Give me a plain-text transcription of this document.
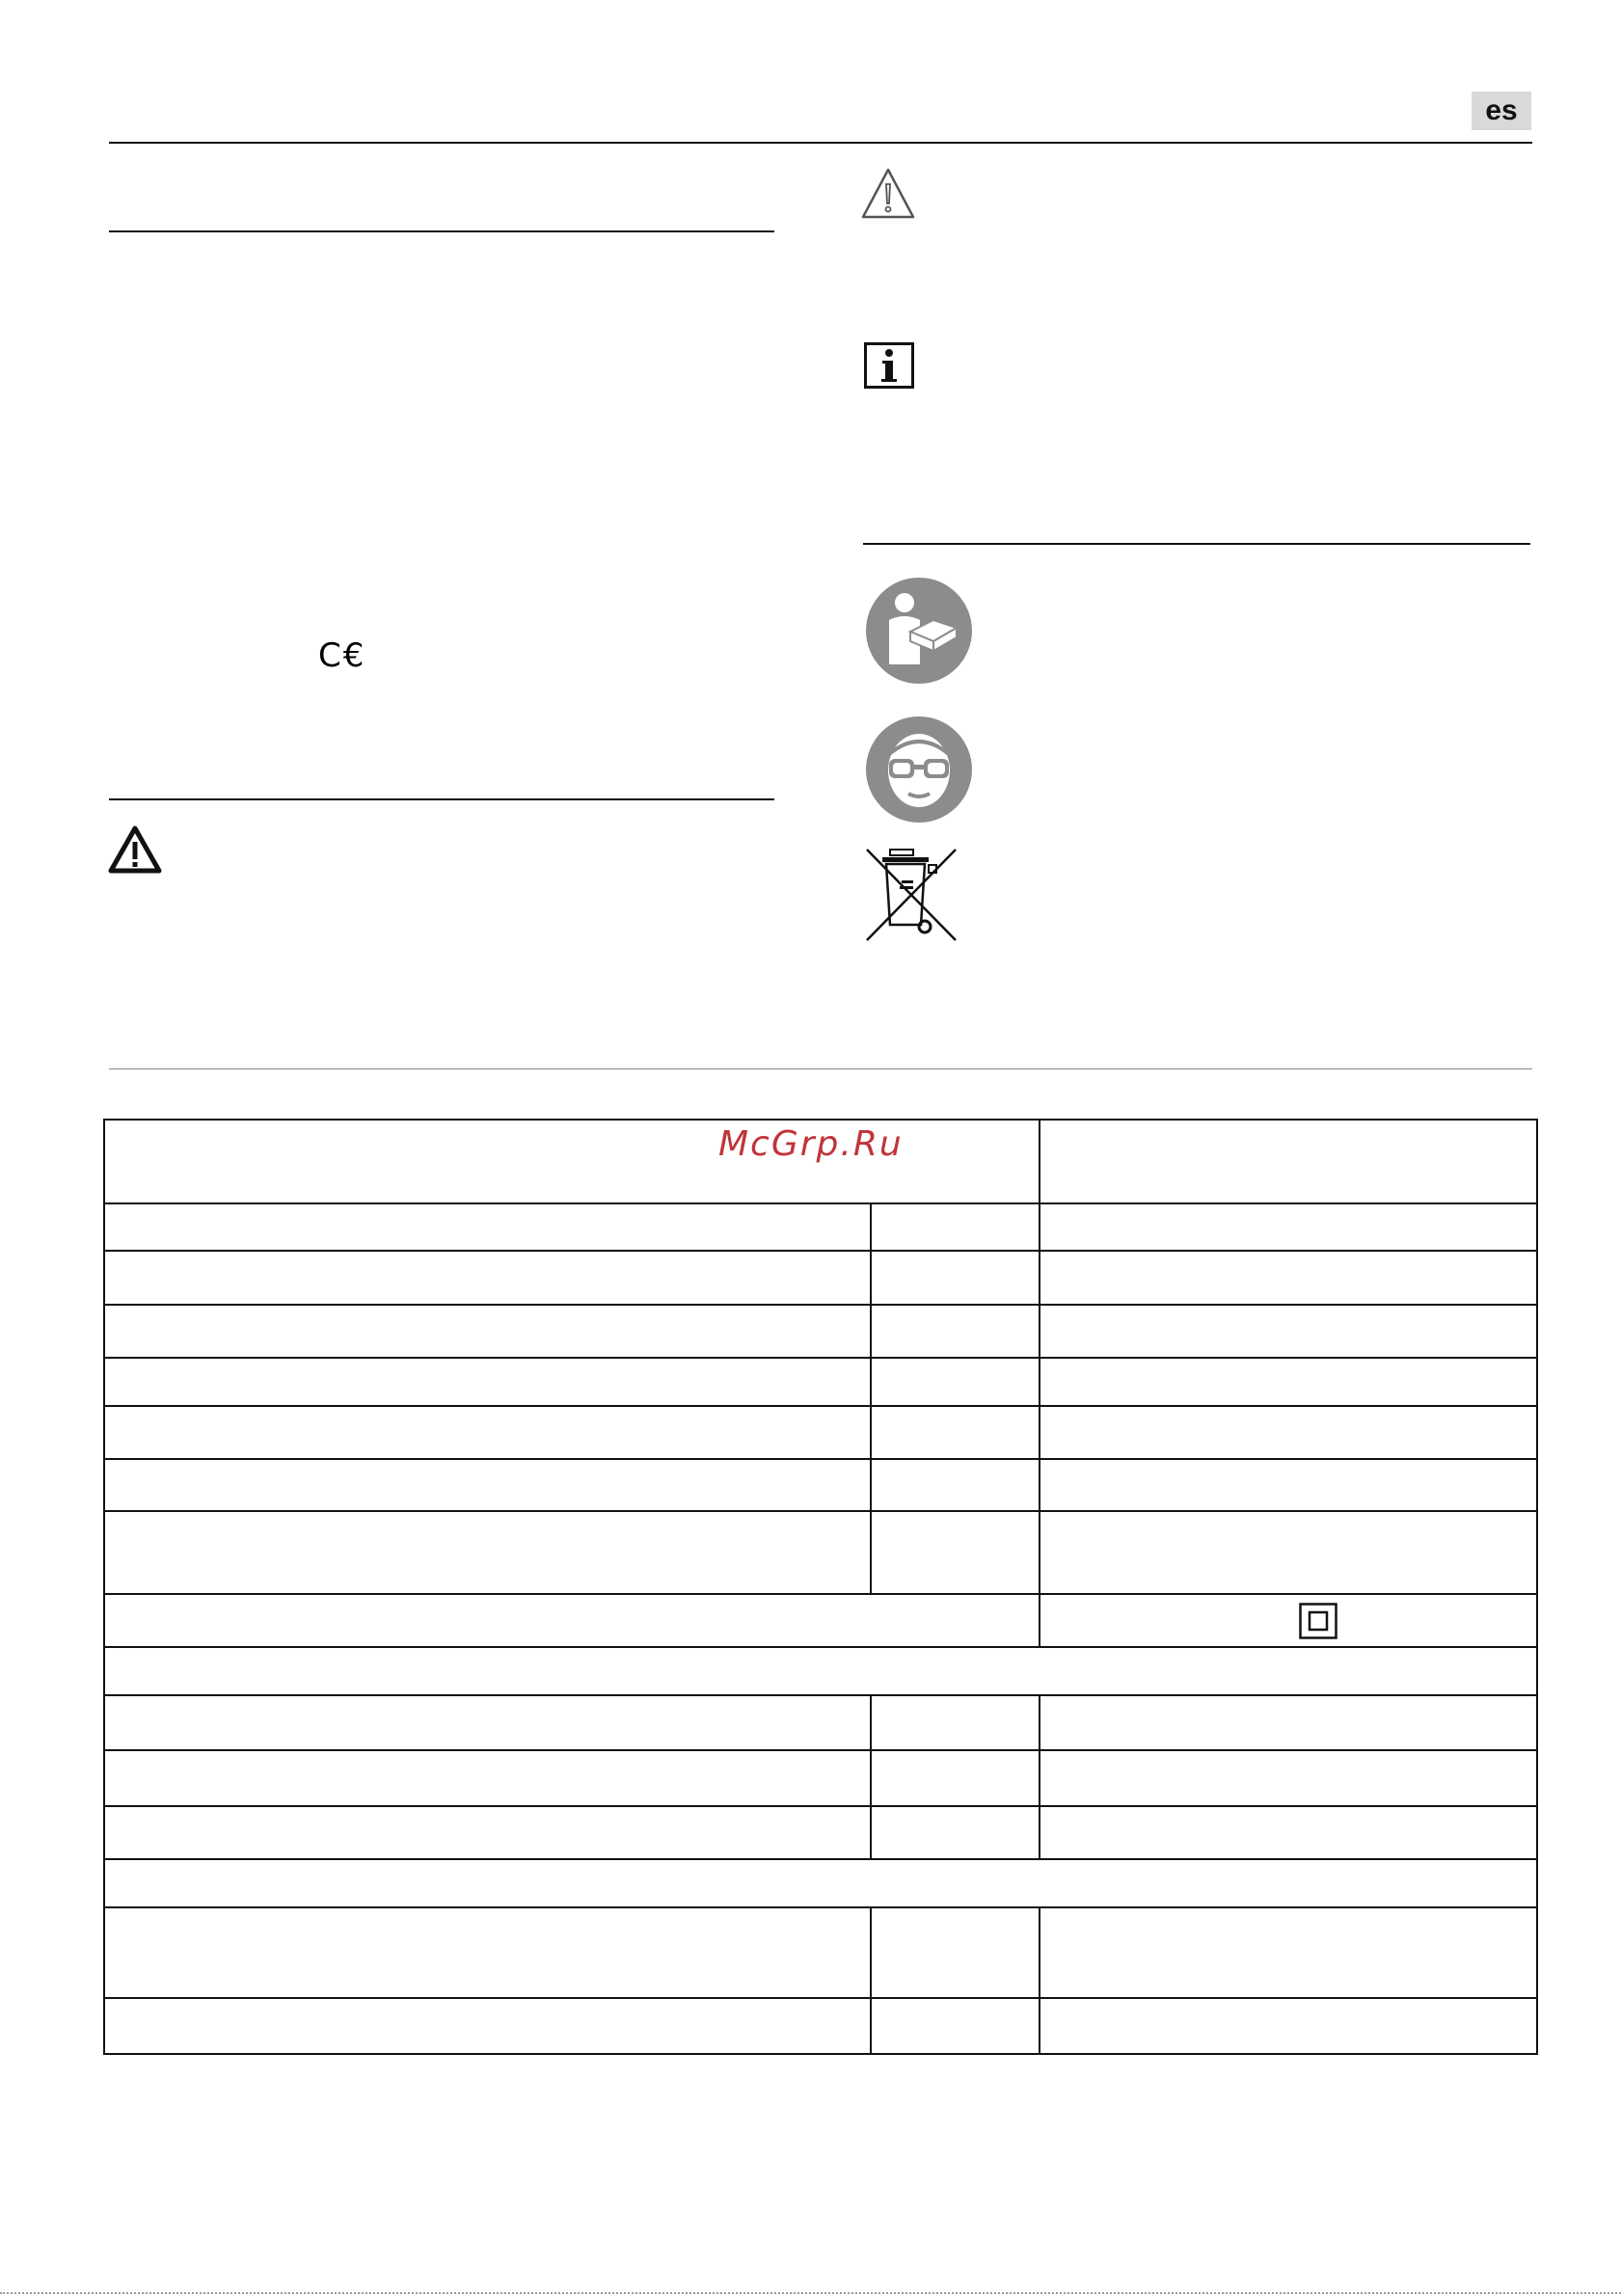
es
C€

McGrp.Ru
